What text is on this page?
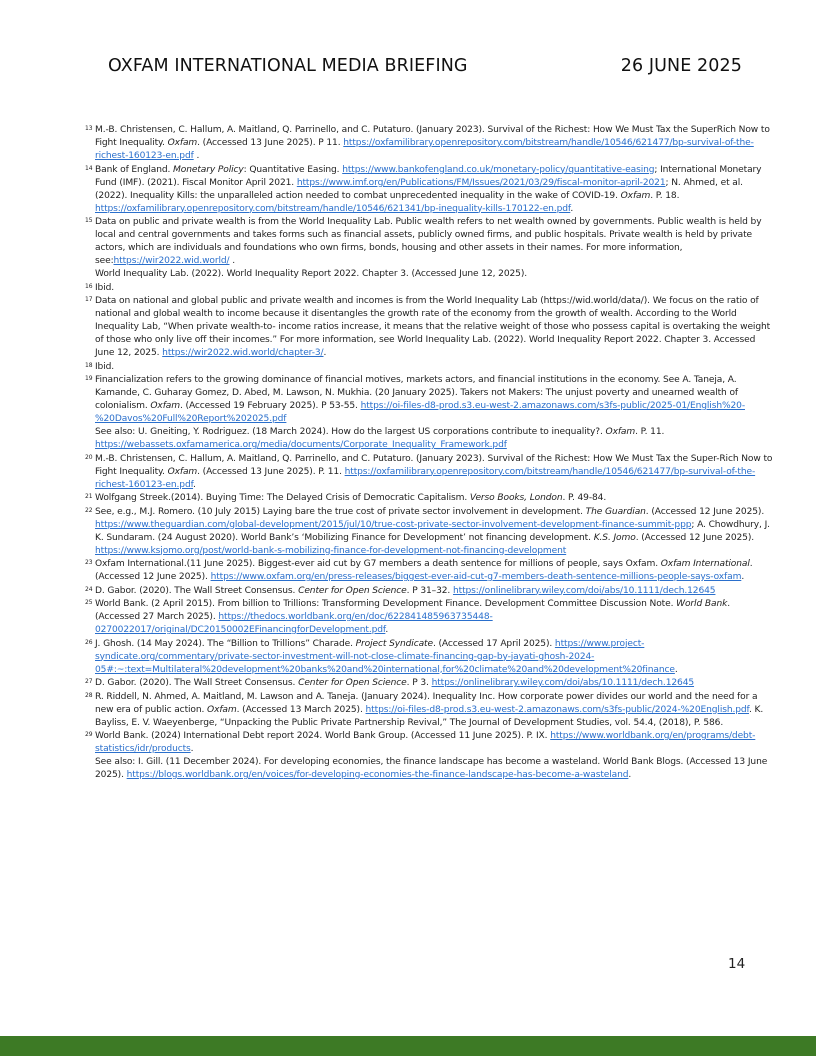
OXFAM INTERNATIONAL MEDIA BRIEFING	26 JUNE 2025
13 M.-B. Christensen, C. Hallum, A. Maitland, Q. Parrinello, and C. Putaturo. (January 2023). Survival of the Richest: How We Must Tax the SuperRich Now to Fight Inequality. Oxfam. (Accessed 13 June 2025). P 11. https://oxfamilibrary.openrepository.com/bitstream/handle/10546/621477/bp-survival-of-the-richest-160123-en.pdf .
14 Bank of England. Monetary Policy: Quantitative Easing. https://www.bankofengland.co.uk/monetary-policy/quantitative-easing; International Monetary Fund (IMF). (2021). Fiscal Monitor April 2021. https://www.imf.org/en/Publications/FM/Issues/2021/03/29/fiscal-monitor-april-2021; N. Ahmed, et al. (2022). Inequality Kills: the unparalleled action needed to combat unprecedented inequality in the wake of COVID-19. Oxfam. P. 18. https://oxfamilibrary.openrepository.com/bitstream/handle/10546/621341/bp-inequality-kills-170122-en.pdf.
15 Data on public and private wealth is from the World Inequality Lab. Public wealth refers to net wealth owned by governments. Public wealth is held by local and central governments and takes forms such as financial assets, publicly owned firms, and public hospitals. Private wealth is held by private actors, which are individuals and foundations who own firms, bonds, housing and other assets in their names. For more information, see:https://wir2022.wid.world/ .
World Inequality Lab. (2022). World Inequality Report 2022. Chapter 3. (Accessed June 12, 2025).
16 Ibid.
17 Data on national and global public and private wealth and incomes is from the World Inequality Lab (https://wid.world/data/). We focus on the ratio of national and global wealth to income because it disentangles the growth rate of the economy from the growth of wealth. According to the World Inequality Lab, “When private wealth-to- income ratios increase, it means that the relative weight of those who possess capital is overtaking the weight of those who only live off their incomes.” For more information, see World Inequality Lab. (2022). World Inequality Report 2022. Chapter 3. Accessed June 12, 2025. https://wir2022.wid.world/chapter-3/.
18 Ibid.
19 Financialization refers to the growing dominance of financial motives, markets actors, and financial institutions in the economy. See A. Taneja, A. Kamande, C. Guharay Gomez, D. Abed, M. Lawson, N. Mukhia. (20 January 2025). Takers not Makers: The unjust poverty and unearned wealth of colonialism. Oxfam. (Accessed 19 February 2025). P 53-55. https://oi-files-d8-prod.s3.eu-west-2.amazonaws.com/s3fs-public/2025-01/English%20-%20Davos%20Full%20Report%202025.pdf
See also: U. Gneiting, Y. Rodriguez. (18 March 2024). How do the largest US corporations contribute to inequality?. Oxfam. P. 11. https://webassets.oxfamamerica.org/media/documents/Corporate_Inequality_Framework.pdf
20 M.-B. Christensen, C. Hallum, A. Maitland, Q. Parrinello, and C. Putaturo. (January 2023). Survival of the Richest: How We Must Tax the Super-Rich Now to Fight Inequality. Oxfam. (Accessed 13 June 2025). P. 11. https://oxfamilibrary.openrepository.com/bitstream/handle/10546/621477/bp-survival-of-the-richest-160123-en.pdf.
21 Wolfgang Streek.(2014). Buying Time: The Delayed Crisis of Democratic Capitalism. Verso Books, London. P. 49-84.
22 See, e.g., M.J. Romero. (10 July 2015) Laying bare the true cost of private sector involvement in development. The Guardian. (Accessed 12 June 2025). https://www.theguardian.com/global-development/2015/jul/10/true-cost-private-sector-involvement-development-finance-summit-ppp; A. Chowdhury, J. K. Sundaram. (24 August 2020). World Bank’s ‘Mobilizing Finance for Development’ not financing development. K.S. Jomo. (Accessed 12 June 2025). https://www.ksjomo.org/post/world-bank-s-mobilizing-finance-for-development-not-financing-development
23 Oxfam International.(11 June 2025). Biggest-ever aid cut by G7 members a death sentence for millions of people, says Oxfam. Oxfam International. (Accessed 12 June 2025). https://www.oxfam.org/en/press-releases/biggest-ever-aid-cut-g7-members-death-sentence-millions-people-says-oxfam.
24 D. Gabor. (2020). The Wall Street Consensus. Center for Open Science. P 31–32. https://onlinelibrary.wiley.com/doi/abs/10.1111/dech.12645
25 World Bank. (2 April 2015). From billion to Trillions: Transforming Development Finance. Development Committee Discussion Note. World Bank. (Accessed 27 March 2025). https://thedocs.worldbank.org/en/doc/622841485963735448-0270022017/original/DC20150002EFinancingforDevelopment.pdf.
26 J. Ghosh. (14 May 2024). The “Billion to Trillions” Charade. Project Syndicate. (Accessed 17 April 2025). https://www.project-syndicate.org/commentary/private-sector-investment-will-not-close-climate-financing-gap-by-jayati-ghosh-2024-05#:~:text=Multilateral%20development%20banks%20and%20international,for%20climate%20and%20development%20finance.
27 D. Gabor. (2020). The Wall Street Consensus. Center for Open Science. P 3. https://onlinelibrary.wiley.com/doi/abs/10.1111/dech.12645
28 R. Riddell, N. Ahmed, A. Maitland, M. Lawson and A. Taneja. (January 2024). Inequality Inc. How corporate power divides our world and the need for a new era of public action. Oxfam. (Accessed 13 March 2025). https://oi-files-d8-prod.s3.eu-west-2.amazonaws.com/s3fs-public/2024-%20English.pdf. K. Bayliss, E. V. Waeyenberge, “Unpacking the Public Private Partnership Revival,” The Journal of Development Studies, vol. 54.4, (2018), P. 586.
29 World Bank. (2024) International Debt report 2024. World Bank Group. (Accessed 11 June 2025). P. IX. https://www.worldbank.org/en/programs/debt-statistics/idr/products.
See also: I. Gill. (11 December 2024). For developing economies, the finance landscape has become a wasteland. World Bank Blogs. (Accessed 13 June 2025). https://blogs.worldbank.org/en/voices/for-developing-economies-the-finance-landscape-has-become-a-wasteland.
14
